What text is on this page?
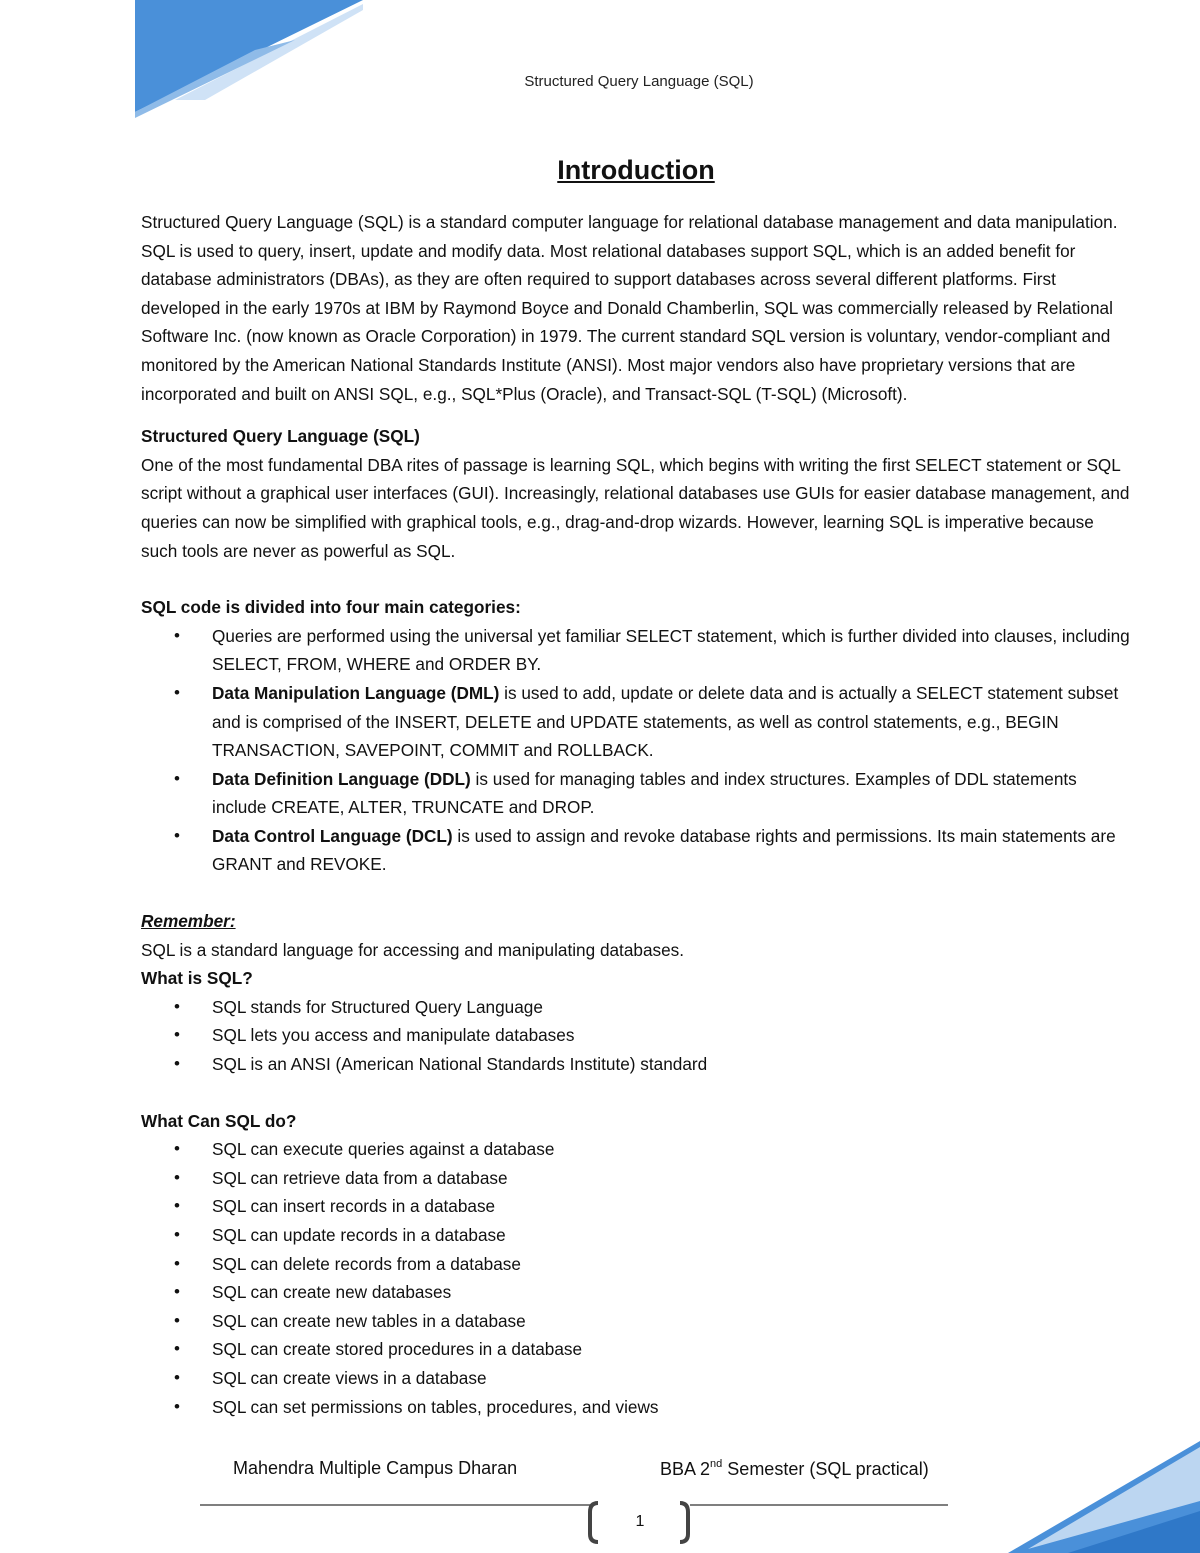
Structured Query Language (SQL)
Introduction

Structured Query Language (SQL) is a standard computer language for relational database management and data manipulation. SQL is used to query, insert, update and modify data. Most relational databases support SQL, which is an added benefit for database administrators (DBAs), as they are often required to support databases across several different platforms. First developed in the early 1970s at IBM by Raymond Boyce and Donald Chamberlin, SQL was commercially released by Relational Software Inc. (now known as Oracle Corporation) in 1979. The current standard SQL version is voluntary, vendor-compliant and monitored by the American National Standards Institute (ANSI). Most major vendors also have proprietary versions that are incorporated and built on ANSI SQL, e.g., SQL*Plus (Oracle), and Transact-SQL (T-SQL) (Microsoft).

Structured Query Language (SQL)

One of the most fundamental DBA rites of passage is learning SQL, which begins with writing the first SELECT statement or SQL script without a graphical user interfaces (GUI). Increasingly, relational databases use GUIs for easier database management, and queries can now be simplified with graphical tools, e.g., drag-and-drop wizards. However, learning SQL is imperative because such tools are never as powerful as SQL.

SQL code is divided into four main categories:

• Queries are performed using the universal yet familiar SELECT statement, which is further divided into clauses, including SELECT, FROM, WHERE and ORDER BY.
• Data Manipulation Language (DML) is used to add, update or delete data and is actually a SELECT statement subset and is comprised of the INSERT, DELETE and UPDATE statements, as well as control statements, e.g., BEGIN TRANSACTION, SAVEPOINT, COMMIT and ROLLBACK.
• Data Definition Language (DDL) is used for managing tables and index structures. Examples of DDL statements include CREATE, ALTER, TRUNCATE and DROP.
• Data Control Language (DCL) is used to assign and revoke database rights and permissions. Its main statements are GRANT and REVOKE.

Remember:

SQL is a standard language for accessing and manipulating databases.

What is SQL?

• SQL stands for Structured Query Language
• SQL lets you access and manipulate databases
• SQL is an ANSI (American National Standards Institute) standard

What Can SQL do?

• SQL can execute queries against a database
• SQL can retrieve data from a database
• SQL can insert records in a database
• SQL can update records in a database
• SQL can delete records from a database
• SQL can create new databases
• SQL can create new tables in a database
• SQL can create stored procedures in a database
• SQL can create views in a database
• SQL can set permissions on tables, procedures, and views
Mahendra Multiple Campus Dharan	BBA 2nd Semester (SQL practical)
1
